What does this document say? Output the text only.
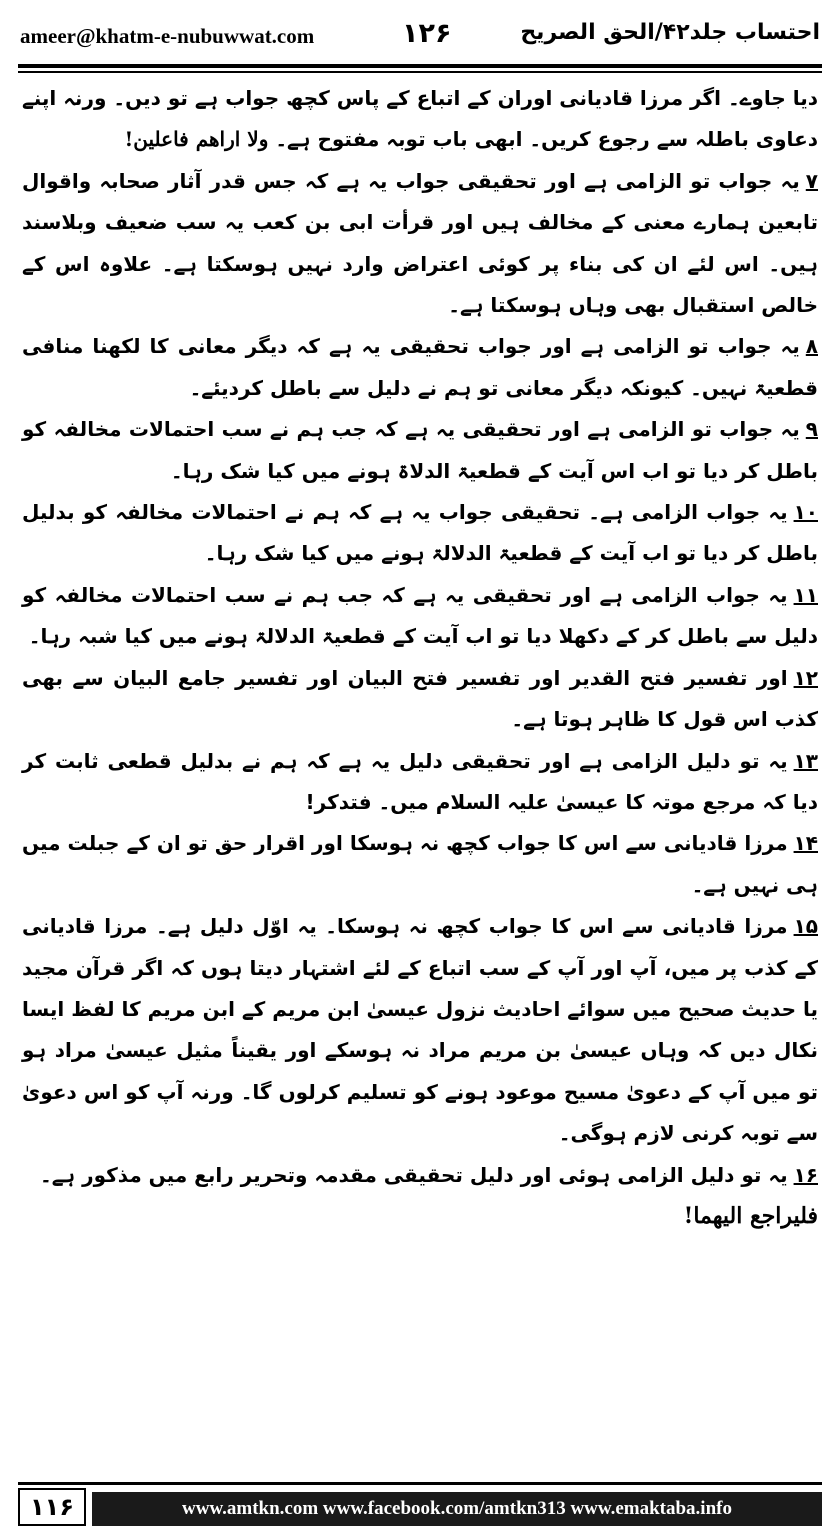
ameer@khatm-e-nubuwwat.com	۱۲۶	احتساب جلد۴۲/الحق الصریح

دیا جاوے۔ اگر مرزا قادیانی اوران کے اتباع کے پاس کچھ جواب ہے تو دیں۔ ورنہ اپنے دعاوی باطلہ سے رجوع کریں۔ ابھی باب توبہ مفتوح ہے۔ ولا اراھم فاعلین!

۷یہ جواب تو الزامی ہے اور تحقیقی جواب یہ ہے کہ جس قدر آثار صحابہ واقوال تابعین ہمارے معنی کے مخالف ہیں اور قرأت ابی بن کعب یہ سب ضعیف وبلاسند ہیں۔ اس لئے ان کی بناء پر کوئی اعتراض وارد نہیں ہوسکتا ہے۔ علاوہ اس کے خالص استقبال بھی وہاں ہوسکتا ہے۔

۸یہ جواب تو الزامی ہے اور جواب تحقیقی یہ ہے کہ دیگر معانی کا لکھنا منافی قطعیۃ نہیں۔ کیونکہ دیگر معانی تو ہم نے دلیل سے باطل کردیئے۔

۹یہ جواب تو الزامی ہے اور تحقیقی یہ ہے کہ جب ہم نے سب احتمالات مخالفہ کو باطل کر دیا تو اب اس آیت کے قطعیۃ الدلاۃ ہونے میں کیا شک رہا۔

۱۰یہ جواب الزامی ہے۔ تحقیقی جواب یہ ہے کہ ہم نے احتمالات مخالفہ کو بدلیل باطل کر دیا تو اب آیت کے قطعیۃ الدلالۃ ہونے میں کیا شک رہا۔

۱۱یہ جواب الزامی ہے اور تحقیقی یہ ہے کہ جب ہم نے سب احتمالات مخالفہ کو دلیل سے باطل کر کے دکھلا دیا تو اب آیت کے قطعیۃ الدلالۃ ہونے میں کیا شبہ رہا۔

۱۲اور تفسیر فتح القدیر اور تفسیر فتح البیان اور تفسیر جامع البیان سے بھی کذب اس قول کا ظاہر ہوتا ہے۔

۱۳یہ تو دلیل الزامی ہے اور تحقیقی دلیل یہ ہے کہ ہم نے بدلیل قطعی ثابت کر دیا کہ مرجع موتہ کا عیسیٰ علیہ السلام میں۔ فتدکر!

۱۴مرزا قادیانی سے اس کا جواب کچھ نہ ہوسکا اور اقرار حق تو ان کے جبلت میں ہی نہیں ہے۔

۱۵مرزا قادیانی سے اس کا جواب کچھ نہ ہوسکا۔ یہ اوّل دلیل ہے۔ مرزا قادیانی کے کذب پر میں، آپ اور آپ کے سب اتباع کے لئے اشتہار دیتا ہوں کہ اگر قرآن مجید یا حدیث صحیح میں سوائے احادیث نزول عیسیٰ ابن مریم کے ابن مریم کا لفظ ایسا نکال دیں کہ وہاں عیسیٰ بن مریم مراد نہ ہوسکے اور یقیناً مثیل عیسیٰ مراد ہو تو میں آپ کے دعویٰ مسیح موعود ہونے کو تسلیم کرلوں گا۔ ورنہ آپ کو اس دعویٰ سے توبہ کرنی لازم ہوگی۔

۱۶یہ تو دلیل الزامی ہوئی اور دلیل تحقیقی مقدمہ وتحریر رابع میں مذکور ہے۔

فلیراجع الیھما!

۱۱۶	www.amtkn.com www.facebook.com/amtkn313 www.emaktaba.info
